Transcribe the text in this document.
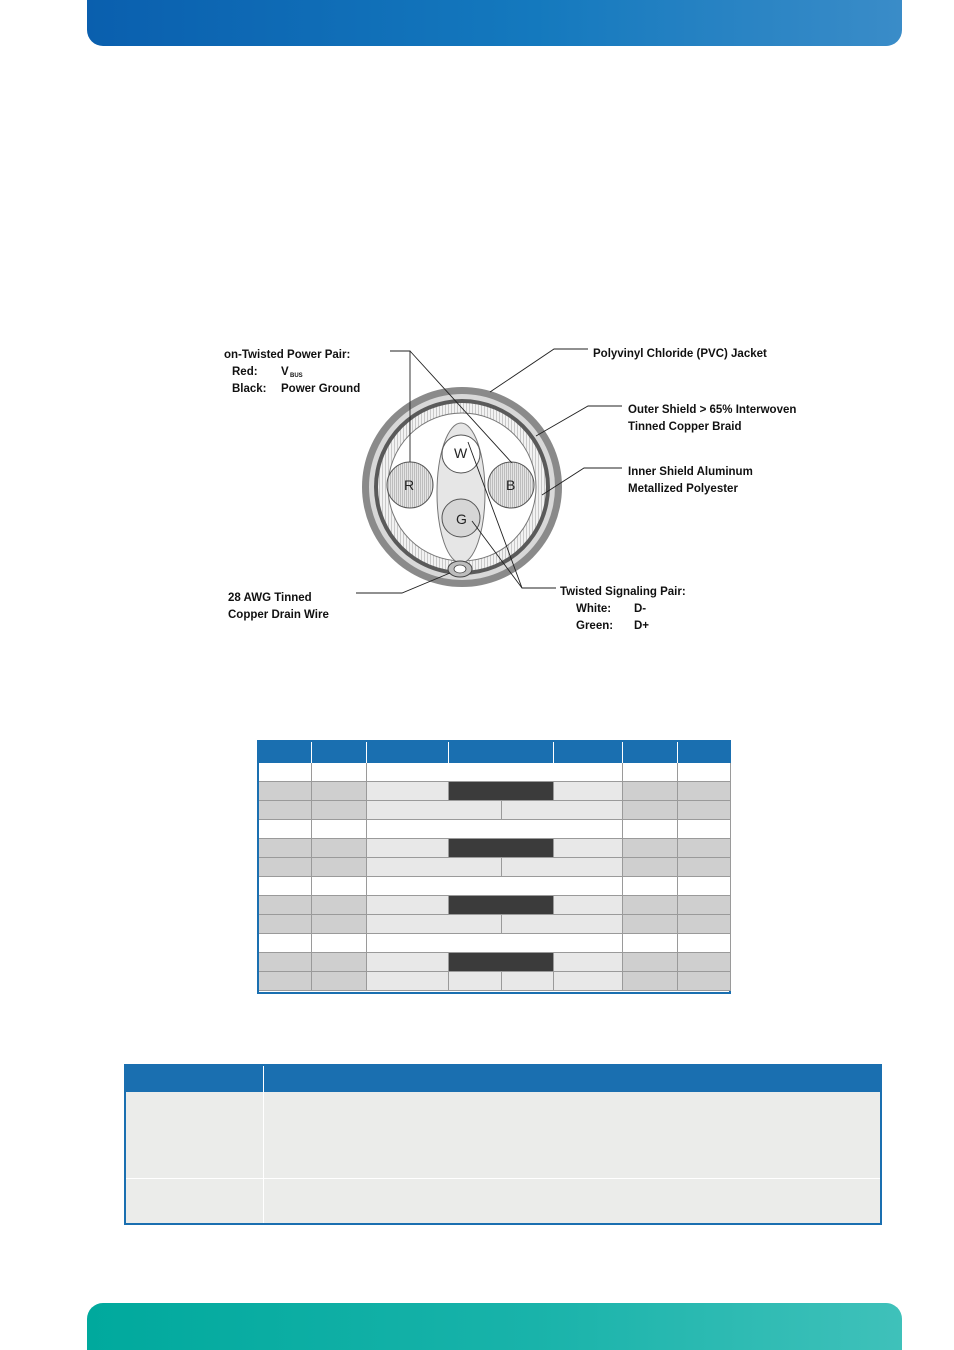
R	B
W
G
on-Twisted Power Pair:
Red: V BUS
Black: Power Ground
Polyvinyl Chloride (PVC) Jacket
Outer Shield > 65% Interwoven
Tinned Copper Braid
Inner Shield Aluminum
Metallized Polyester
28 AWG Tinned
Copper Drain Wire
Twisted Signaling Pair:
White: D-
Green: D+
